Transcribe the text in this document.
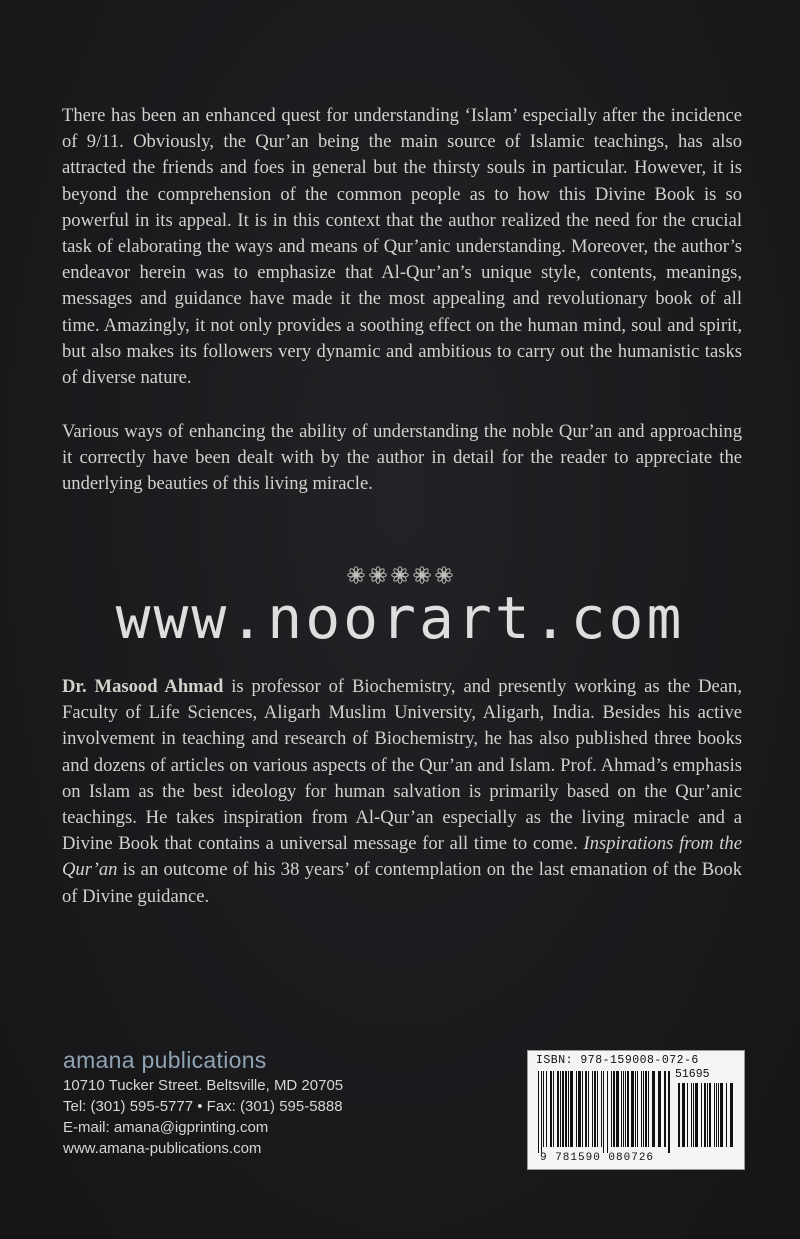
There has been an enhanced quest for understanding ‘Islam’ especially after the incidence of 9/11. Obviously, the Qur’an being the main source of Islamic teachings, has also attracted the friends and foes in general but the thirsty souls in particular. However, it is beyond the comprehension of the common people as to how this Divine Book is so powerful in its appeal. It is in this context that the author realized the need for the crucial task of elaborating the ways and means of Qur’anic understanding. Moreover, the author’s endeavor herein was to emphasize that Al-Qur’an’s unique style, contents, meanings, messages and guidance have made it the most appealing and revolutionary book of all time. Amazingly, it not only provides a soothing effect on the human mind, soul and spirit, but also makes its followers very dynamic and ambitious to carry out the humanistic tasks of diverse nature.

Various ways of enhancing the ability of understanding the noble Qur’an and approaching it correctly have been dealt with by the author in detail for the reader to appreciate the underlying beauties of this living miracle.

www.noorart.com

Dr. Masood Ahmad is professor of Biochemistry, and presently working as the Dean, Faculty of Life Sciences, Aligarh Muslim University, Aligarh, India. Besides his active involvement in teaching and research of Biochemistry, he has also published three books and dozens of articles on various aspects of the Qur’an and Islam. Prof. Ahmad’s emphasis on Islam as the best ideology for human salvation is primarily based on the Qur’anic teachings. He takes inspiration from Al-Qur’an especially as the living miracle and a Divine Book that contains a universal message for all time to come. Inspirations from the Qur’an is an outcome of his 38 years’ of contemplation on the last emanation of the Book of Divine guidance.

amana publications
10710 Tucker Street. Beltsville, MD 20705
Tel: (301) 595-5777 • Fax: (301) 595-5888
E-mail: amana@igprinting.com
www.amana-publications.com
ISBN: 978-159008-072-6
51695
9 781590 080726
